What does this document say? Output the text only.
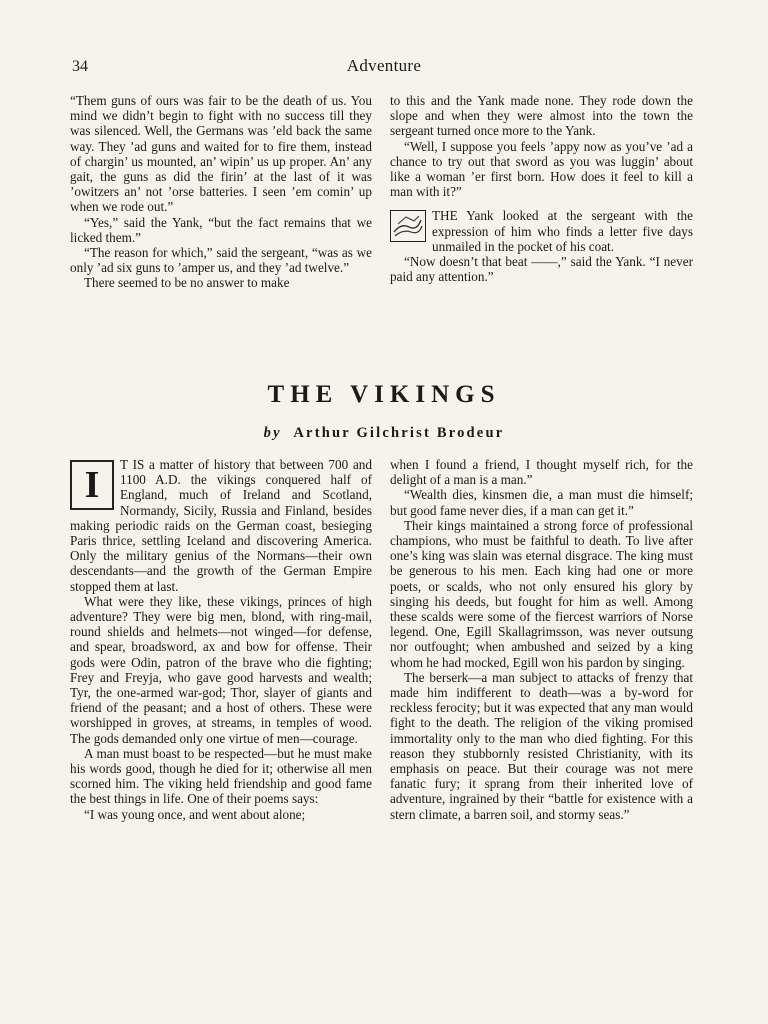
34	Adventure

“Them guns of ours was fair to be the death of us. You mind we didn’t begin to fight with no success till they was silenced. Well, the Germans was ’eld back the same way. They ’ad guns and waited for to fire them, instead of chargin’ us mounted, an’ wipin’ us up proper. An’ any gait, the guns as did the firin’ at the last of it was ’owitzers an’ not ’orse batteries. I seen ’em comin’ up when we rode out.”

“Yes,” said the Yank, “but the fact remains that we licked them.”

“The reason for which,” said the sergeant, “was as we only ’ad six guns to ’amper us, and they ’ad twelve.”

There seemed to be no answer to make

to this and the Yank made none. They rode down the slope and when they were almost into the town the sergeant turned once more to the Yank.

“Well, I suppose you feels ’appy now as you’ve ’ad a chance to try out that sword as you was luggin’ about like a woman ’er first born. How does it feel to kill a man with it?”

THE Yank looked at the sergeant with the expression of him who finds a letter five days unmailed in the pocket of his coat.

“Now doesn’t that beat ——,” said the Yank. “I never paid any attention.”

THE VIKINGS
by Arthur Gilchrist Brodeur
I	T IS a matter of history that between 700 and 1100 A.D. the vikings conquered half of England, much of Ireland and Scotland, Normandy, Sicily, Russia and Finland, besides making periodic raids on the German coast, besieging Paris thrice, settling Iceland and discovering America. Only the military genius of the Normans—their own descendants—and the growth of the German Empire stopped them at last.

What were they like, these vikings, princes of high adventure? They were big men, blond, with ring-mail, round shields and helmets—not winged—for defense, and spear, broadsword, ax and bow for offense. Their gods were Odin, patron of the brave who die fighting; Frey and Freyja, who gave good harvests and wealth; Tyr, the one-armed war-god; Thor, slayer of giants and friend of the peasant; and a host of others. These were worshipped in groves, at streams, in temples of wood. The gods demanded only one virtue of men—courage.

A man must boast to be respected—but he must make his words good, though he died for it; otherwise all men scorned him. The viking held friendship and good fame the best things in life. One of their poems says:

“I was young once, and went about alone;

when I found a friend, I thought myself rich, for the delight of a man is a man.”

“Wealth dies, kinsmen die, a man must die himself; but good fame never dies, if a man can get it.”

Their kings maintained a strong force of professional champions, who must be faithful to death. To live after one’s king was slain was eternal disgrace. The king must be generous to his men. Each king had one or more poets, or scalds, who not only ensured his glory by singing his deeds, but fought for him as well. Among these scalds were some of the fiercest warriors of Norse legend. One, Egill Skallagrimsson, was never outsung nor outfought; when ambushed and seized by a king whom he had mocked, Egill won his pardon by singing.

The berserk—a man subject to attacks of frenzy that made him indifferent to death—was a by-word for reckless ferocity; but it was expected that any man would fight to the death. The religion of the viking promised immortality only to the man who died fighting. For this reason they stubbornly resisted Christianity, with its emphasis on peace. But their courage was not mere fanatic fury; it sprang from their inherited love of adventure, ingrained by their “battle for existence with a stern climate, a barren soil, and stormy seas.”
